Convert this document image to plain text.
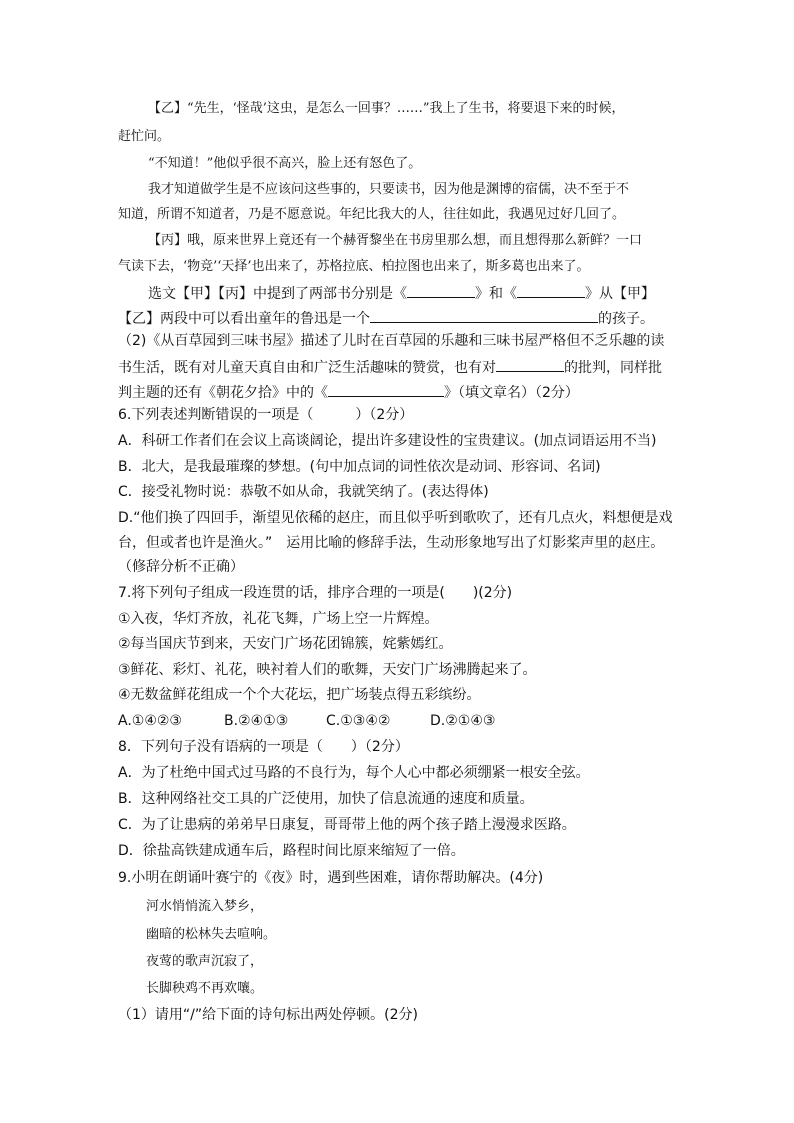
【乙】“先生，‘怪哉’这虫，是怎么一回事？……”我上了生书，将要退下来的时候，
赶忙问。
“不知道！”他似乎很不高兴，脸上还有怒色了。
我才知道做学生是不应该问这些事的，只要读书，因为他是渊博的宿儒，决不至于不
知道，所谓不知道者，乃是不愿意说。年纪比我大的人，往往如此，我遇见过好几回了。
【丙】哦，原来世界上竟还有一个赫胥黎坐在书房里那么想，而且想得那么新鲜？一口
气读下去，‘物竞’‘天择’也出来了，苏格拉底、柏拉图也出来了，斯多葛也出来了。
选文【甲】【丙】中提到了两部书分别是《	》和《	》从【甲】
【乙】两段中可以看出童年的鲁迅是一个	的孩子。
（2)《从百草园到三味书屋》描述了儿时在百草园的乐趣和三味书屋严格但不乏乐趣的读
书生活，既有对儿童天真自由和广泛生活趣味的赞赏，也有对	的批判，同样批
判主题的还有《朝花夕拾》中的《	》（填文章名）（2分）
6.下列表述判断错误的一项是（　　　）（2分）
A．科研工作者们在会议上高谈阔论，提出许多建设性的宝贵建议。(加点词语运用不当)
B．北大，是我最璀璨的梦想。(句中加点词的词性依次是动词、形容词、名词)
C．接受礼物时说：恭敬不如从命，我就笑纳了。(表达得体)
D.“他们换了四回手，渐望见依稀的赵庄，而且似乎听到歌吹了，还有几点火，料想便是戏
台，但或者也许是渔火。”　运用比喻的修辞手法，生动形象地写出了灯影桨声里的赵庄。
（修辞分析不正确）
7.将下列句子组成一段连贯的话，排序合理的一项是(　　)(2分)
①入夜，华灯齐放，礼花飞舞，广场上空一片辉煌。
②每当国庆节到来，天安门广场花团锦簇，姹紫嫣红。
③鲜花、彩灯、礼花，映衬着人们的歌舞，天安门广场沸腾起来了。
④无数盆鲜花组成一个个大花坛，把广场装点得五彩缤纷。
A.①④②③	B.②④①③	C.①③④②	D.②①④③
8．下列句子没有语病的一项是（　　）（2分）
A．为了杜绝中国式过马路的不良行为，每个人心中都必须绷紧一根安全弦。
B．这种网络社交工具的广泛使用，加快了信息流通的速度和质量。
C．为了让患病的弟弟早日康复，哥哥带上他的两个孩子踏上漫漫求医路。
D．徐盐高铁建成通车后，路程时间比原来缩短了一倍。
9.小明在朗诵叶赛宁的《夜》时，遇到些困难，请你帮助解决。(4分)
河水悄悄流入梦乡，
幽暗的松林失去喧响。
夜莺的歌声沉寂了，
长脚秧鸡不再欢嚷。
（1）请用“/”给下面的诗句标出两处停顿。(2分)
